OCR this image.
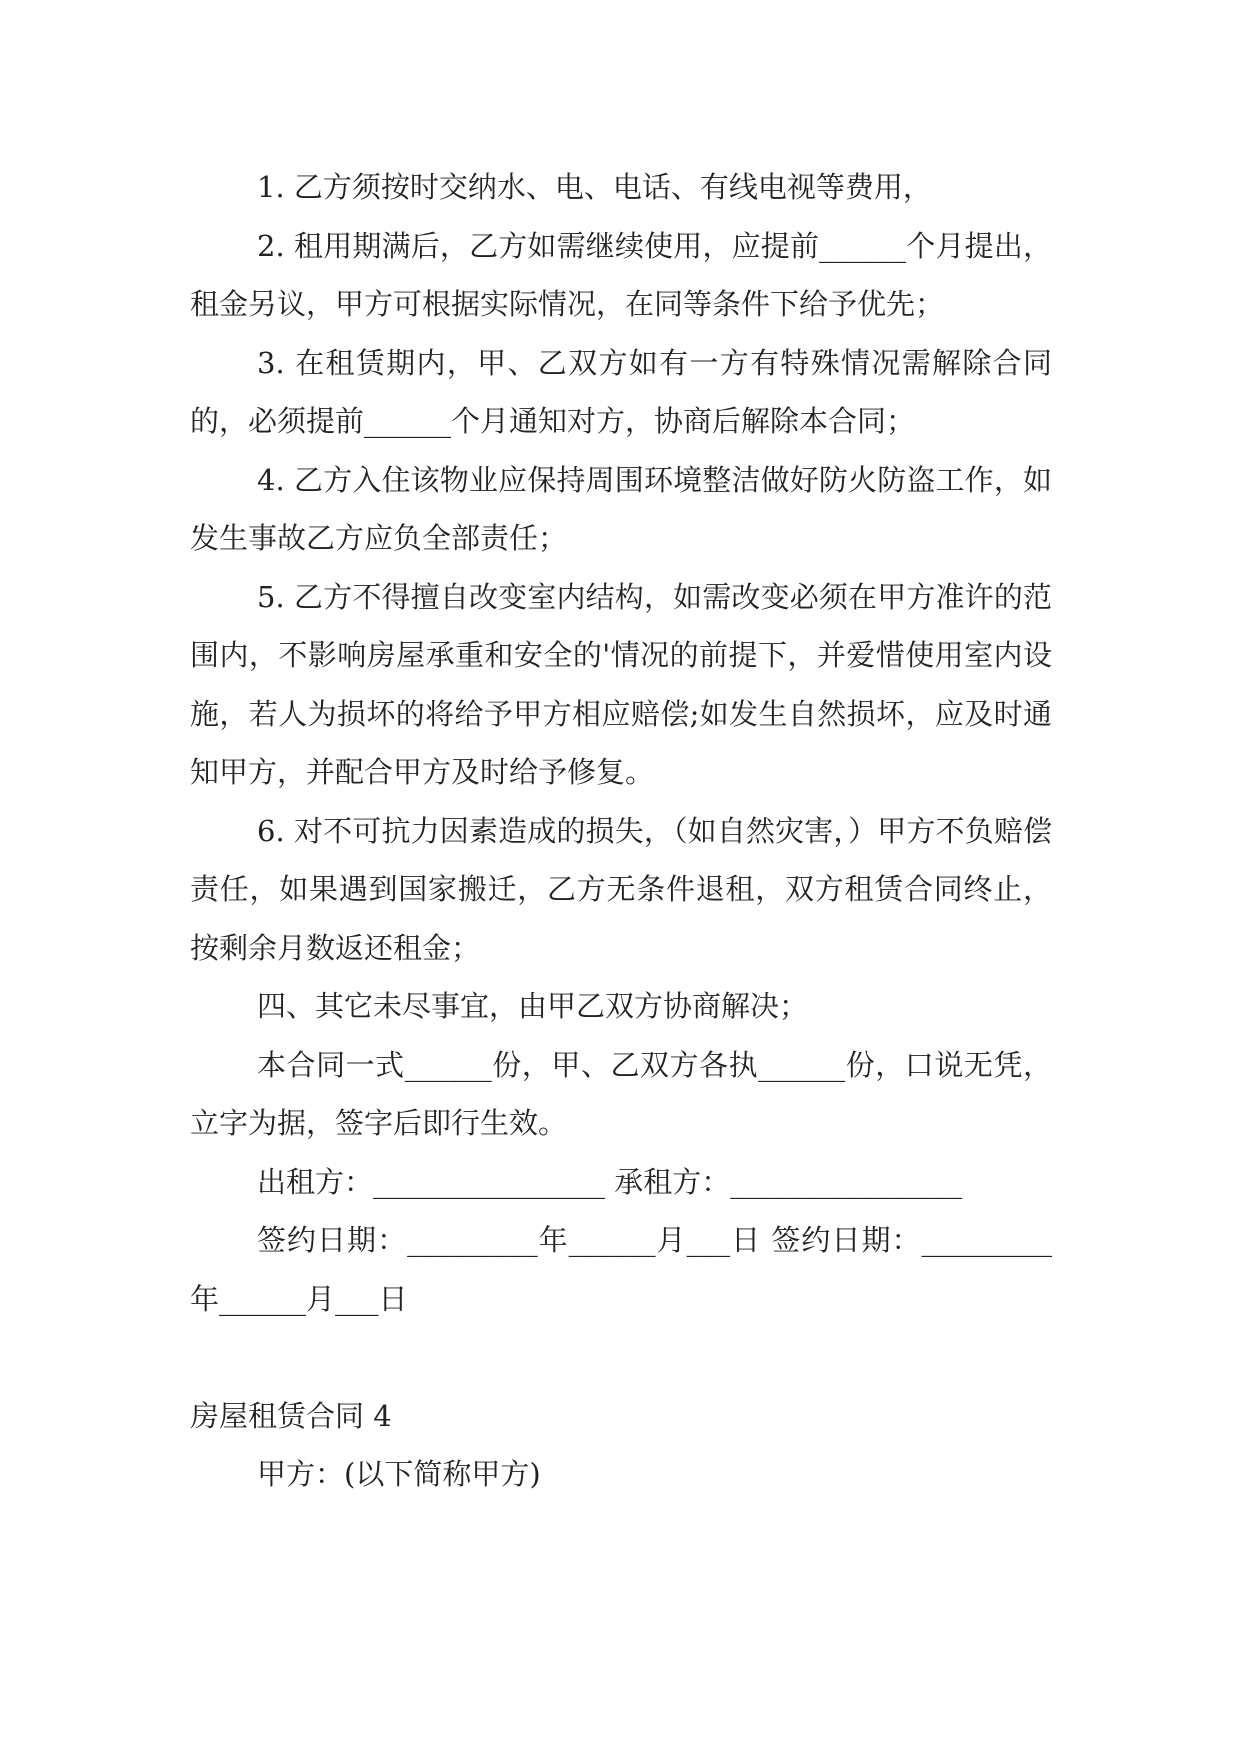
1. 乙方须按时交纳水、电、电话、有线电视等费用，

2. 租用期满后，乙方如需继续使用，应提前______个月提出，租金另议，甲方可根据实际情况，在同等条件下给予优先；

3. 在租赁期内，甲、乙双方如有一方有特殊情况需解除合同的，必须提前______个月通知对方，协商后解除本合同；

4. 乙方入住该物业应保持周围环境整洁做好防火防盗工作，如发生事故乙方应负全部责任；

5. 乙方不得擅自改变室内结构，如需改变必须在甲方准许的范围内，不影响房屋承重和安全的'情况的前提下，并爱惜使用室内设施，若人为损坏的将给予甲方相应赔偿;如发生自然损坏，应及时通知甲方，并配合甲方及时给予修复。

6. 对不可抗力因素造成的损失，（如自然灾害，）甲方不负赔偿责任，如果遇到国家搬迁，乙方无条件退租，双方租赁合同终止，按剩余月数返还租金；

四、其它未尽事宜，由甲乙双方协商解决；

本合同一式______份，甲、乙双方各执______份，口说无凭，立字为据，签字后即行生效。

出租方：________________ 承租方：________________

签约日期：_________年______月___日 签约日期：_________年______月___日

房屋租赁合同 4

甲方：(以下简称甲方)
